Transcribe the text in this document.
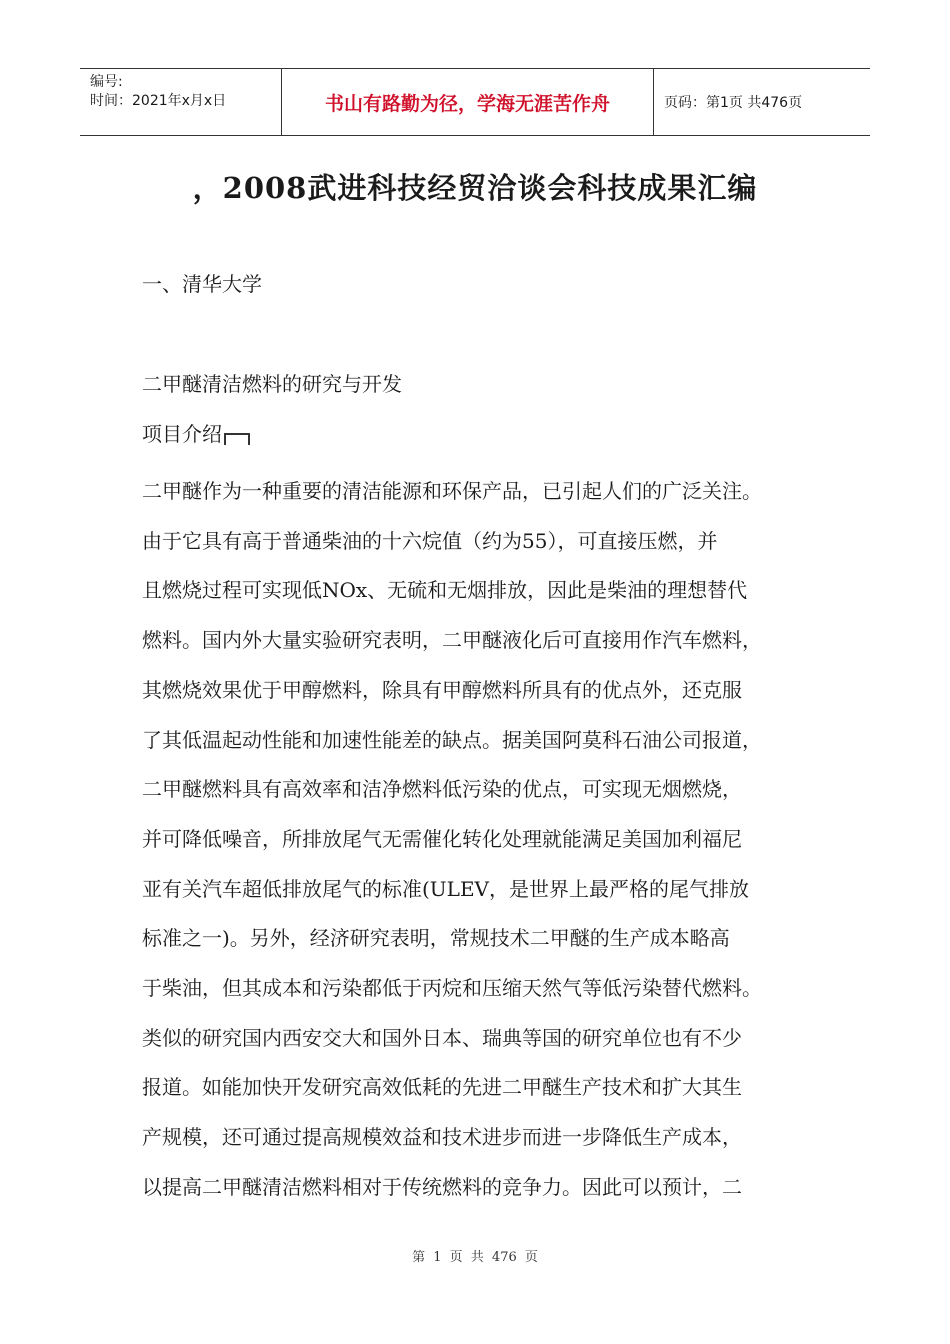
编号:
时间：2021年x月x日	书山有路勤为径，学海无涯苦作舟	页码：第1页 共476页
，2008武进科技经贸洽谈会科技成果汇编
一、清华大学
二甲醚清洁燃料的研究与开发
项目介绍
二甲醚作为一种重要的清洁能源和环保产品，已引起人们的广泛关注。
由于它具有高于普通柴油的十六烷值（约为55），可直接压燃，并
且燃烧过程可实现低NOx、无硫和无烟排放，因此是柴油的理想替代
燃料。国内外大量实验研究表明，二甲醚液化后可直接用作汽车燃料，
其燃烧效果优于甲醇燃料，除具有甲醇燃料所具有的优点外，还克服
了其低温起动性能和加速性能差的缺点。据美国阿莫科石油公司报道，
二甲醚燃料具有高效率和洁净燃料低污染的优点，可实现无烟燃烧，
并可降低噪音，所排放尾气无需催化转化处理就能满足美国加利福尼
亚有关汽车超低排放尾气的标准(ULEV，是世界上最严格的尾气排放
标准之一)。另外，经济研究表明，常规技术二甲醚的生产成本略高
于柴油，但其成本和污染都低于丙烷和压缩天然气等低污染替代燃料。
类似的研究国内西安交大和国外日本、瑞典等国的研究单位也有不少
报道。如能加快开发研究高效低耗的先进二甲醚生产技术和扩大其生
产规模，还可通过提高规模效益和技术进步而进一步降低生产成本，
以提高二甲醚清洁燃料相对于传统燃料的竞争力。因此可以预计，二
第 1 页 共 476 页
